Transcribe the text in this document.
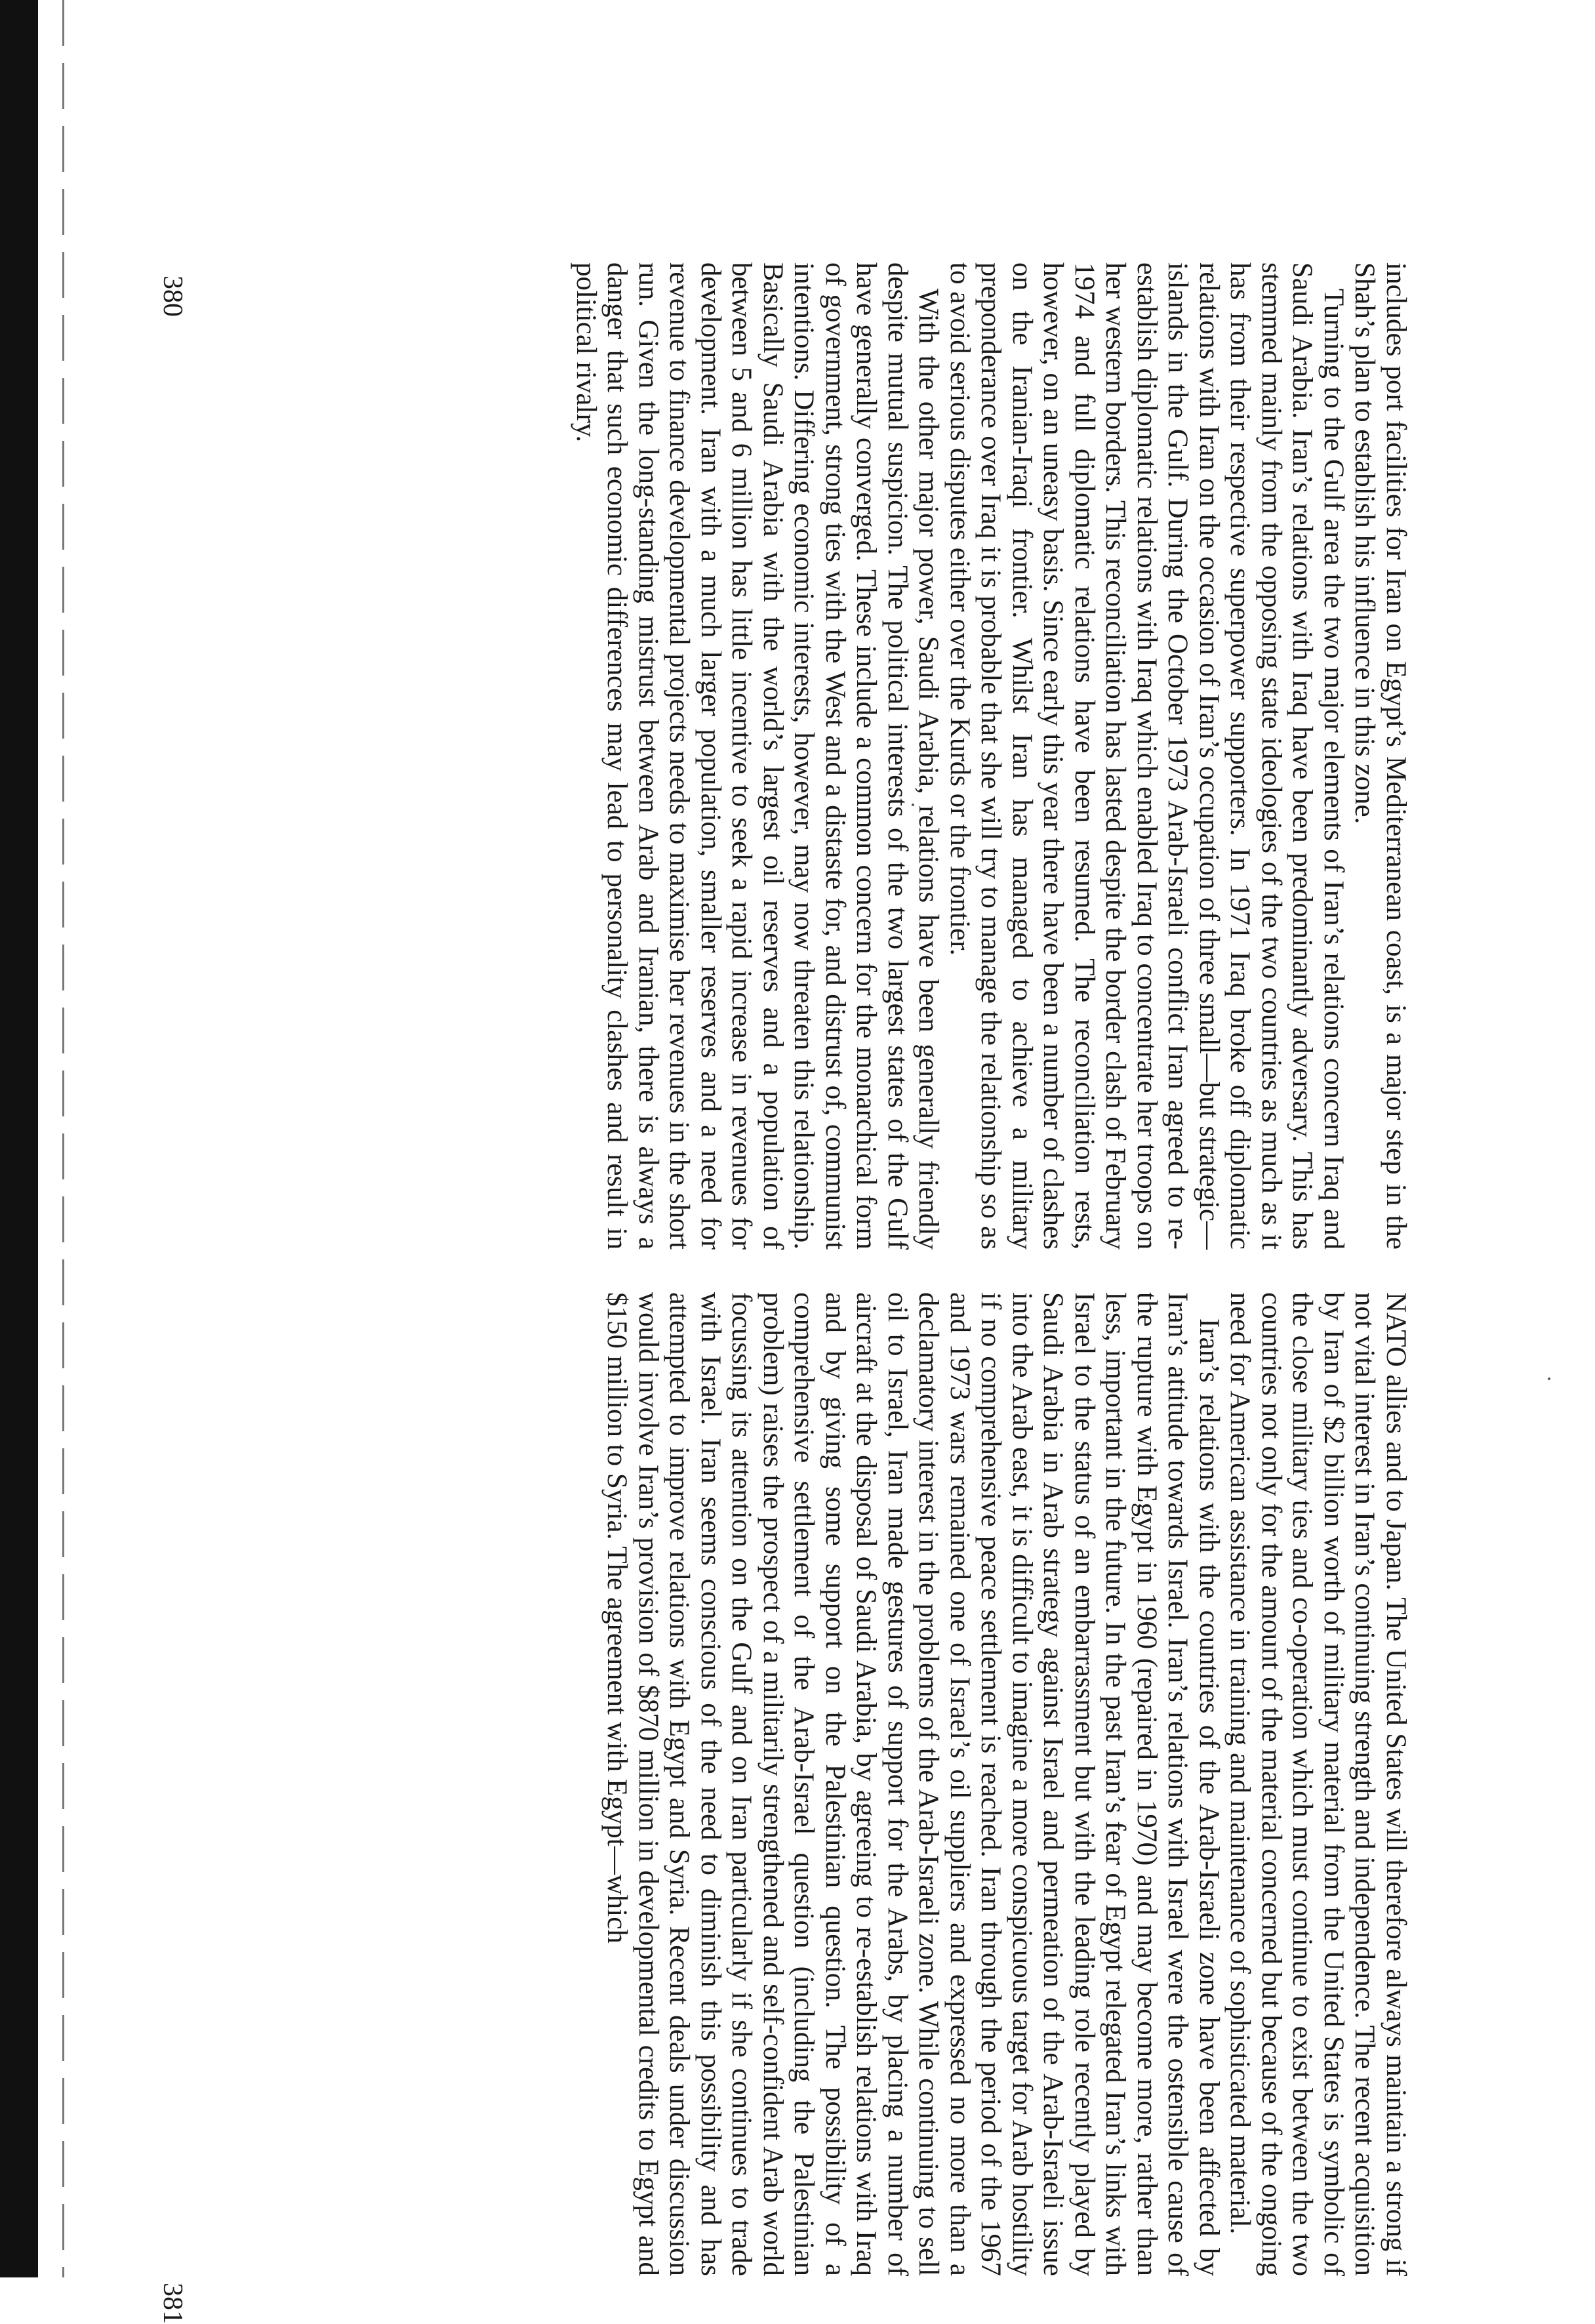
NATO allies and to Japan. The United States will therefore always maintain a strong if not vital interest in Iran’s continuing strength and independence. The recent acquisition by Iran of $2 billion worth of military material from the United States is symbolic of the close military ties and co-operation which must continue to exist between the two countries not only for the amount of the material concerned but because of the ongoing need for American assistance in training and maintenance of sophisticated material.

Iran’s relations with the countries of the Arab-Israeli zone have been affected by Iran’s attitude towards Israel. Iran’s relations with Israel were the ostensible cause of the rupture with Egypt in 1960 (repaired in 1970) and may become more, rather than less, important in the future. In the past Iran’s fear of Egypt relegated Iran’s links with Israel to the status of an embarrassment but with the leading role recently played by Saudi Arabia in Arab strategy against Israel and permeation of the Arab-Israeli issue into the Arab east, it is difficult to imagine a more conspicuous target for Arab hostility if no comprehensive peace settlement is reached. Iran through the period of the 1967 and 1973 wars remained one of Israel’s oil suppliers and expressed no more than a declamatory interest in the problems of the Arab-Israeli zone. While continuing to sell oil to Israel, Iran made gestures of support for the Arabs, by placing a number of aircraft at the disposal of Saudi Arabia, by agreeing to re-establish relations with Iraq and by giving some support on the Palestinian question. The possibility of a comprehensive settlement of the Arab-Israel question (including the Palestinian problem) raises the prospect of a militarily strengthened and self-confident Arab world focussing its attention on the Gulf and on Iran particularly if she continues to trade with Israel. Iran seems conscious of the need to diminish this possibility and has attempted to improve relations with Egypt and Syria. Recent deals under discussion would involve Iran’s provision of $870 million in developmental credits to Egypt and $150 million to Syria. The agreement with Egypt—which

380	includes port facilities for Iran on Egypt’s Mediterranean coast, is a major step in the Shah’s plan to establish his influence in this zone.

Turning to the Gulf area the two major elements of Iran’s relations concern Iraq and Saudi Arabia. Iran’s relations with Iraq have been predominantly adversary. This has stemmed mainly from the opposing state ideologies of the two countries as much as it has from their respective superpower supporters. In 1971 Iraq broke off diplomatic relations with Iran on the occasion of Iran’s occupation of three small—but strategic—islands in the Gulf. During the October 1973 Arab-Israeli conflict Iran agreed to re-establish diplomatic relations with Iraq which enabled Iraq to concentrate her troops on her western borders. This reconciliation has lasted despite the border clash of February 1974 and full diplomatic relations have been resumed. The reconciliation rests, however, on an uneasy basis. Since early this year there have been a number of clashes on the Iranian-Iraqi frontier. Whilst Iran has managed to achieve a military preponderance over Iraq it is probable that she will try to manage the relationship so as to avoid serious disputes either over the Kurds or the frontier.

With the other major power, Saudi Arabia, relations have been generally friendly despite mutual suspicion. The political interests of the two largest states of the Gulf have generally converged. These include a common concern for the monarchical form of government, strong ties with the West and a distaste for, and distrust of, communist intentions. Differing economic interests, however, may now threaten this relationship. Basically Saudi Arabia with the world’s largest oil reserves and a population of between 5 and 6 million has little incentive to seek a rapid increase in revenues for development. Iran with a much larger population, smaller reserves and a need for revenue to finance developmental projects needs to maximise her revenues in the short run. Given the long-standing mistrust between Arab and Iranian, there is always a danger that such economic differences may lead to personality clashes and result in political rivalry.

381
